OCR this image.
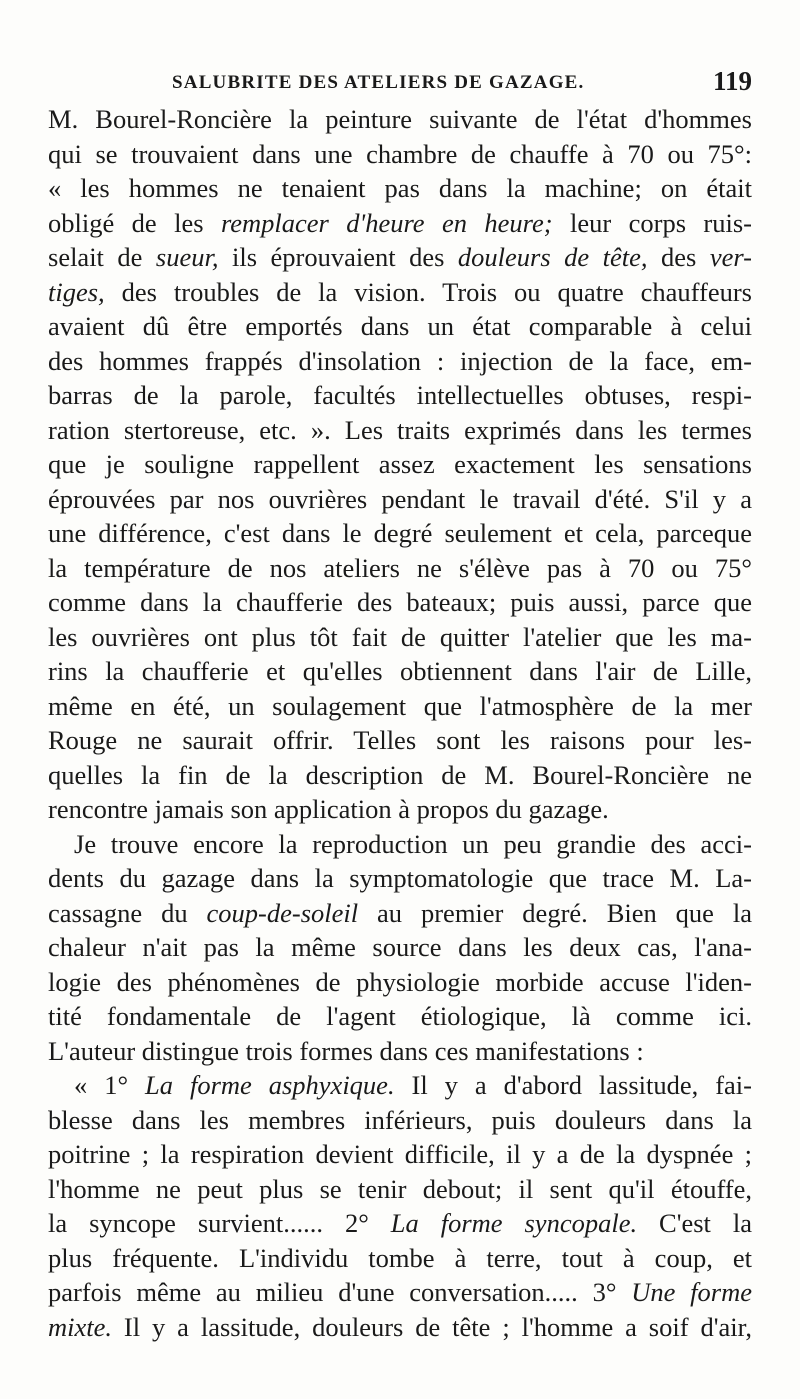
SALUBRITE DES ATELIERS DE GAZAGE.	119
M. Bourel-Roncière la peinture suivante de l'état d'hommes
qui se trouvaient dans une chambre de chauffe à 70 ou 75°:
« les hommes ne tenaient pas dans la machine; on était
obligé de les remplacer d'heure en heure; leur corps ruis-
selait de sueur, ils éprouvaient des douleurs de tête, des ver-
tiges, des troubles de la vision. Trois ou quatre chauffeurs
avaient dû être emportés dans un état comparable à celui
des hommes frappés d'insolation : injection de la face, em-
barras de la parole, facultés intellectuelles obtuses, respi-
ration stertoreuse, etc. ». Les traits exprimés dans les termes
que je souligne rappellent assez exactement les sensations
éprouvées par nos ouvrières pendant le travail d'été. S'il y a
une différence, c'est dans le degré seulement et cela, parceque
la température de nos ateliers ne s'élève pas à 70 ou 75°
comme dans la chaufferie des bateaux; puis aussi, parce que
les ouvrières ont plus tôt fait de quitter l'atelier que les ma-
rins la chaufferie et qu'elles obtiennent dans l'air de Lille,
même en été, un soulagement que l'atmosphère de la mer
Rouge ne saurait offrir. Telles sont les raisons pour les-
quelles la fin de la description de M. Bourel-Roncière ne
rencontre jamais son application à propos du gazage.
Je trouve encore la reproduction un peu grandie des acci-
dents du gazage dans la symptomatologie que trace M. La-
cassagne du coup-de-soleil au premier degré. Bien que la
chaleur n'ait pas la même source dans les deux cas, l'ana-
logie des phénomènes de physiologie morbide accuse l'iden-
tité fondamentale de l'agent étiologique, là comme ici.
L'auteur distingue trois formes dans ces manifestations :
« 1° La forme asphyxique. Il y a d'abord lassitude, fai-
blesse dans les membres inférieurs, puis douleurs dans la
poitrine ; la respiration devient difficile, il y a de la dyspnée ;
l'homme ne peut plus se tenir debout; il sent qu'il étouffe,
la syncope survient...... 2° La forme syncopale. C'est la
plus fréquente. L'individu tombe à terre, tout à coup, et
parfois même au milieu d'une conversation..... 3° Une forme
mixte. Il y a lassitude, douleurs de tête ; l'homme a soif d'air,
